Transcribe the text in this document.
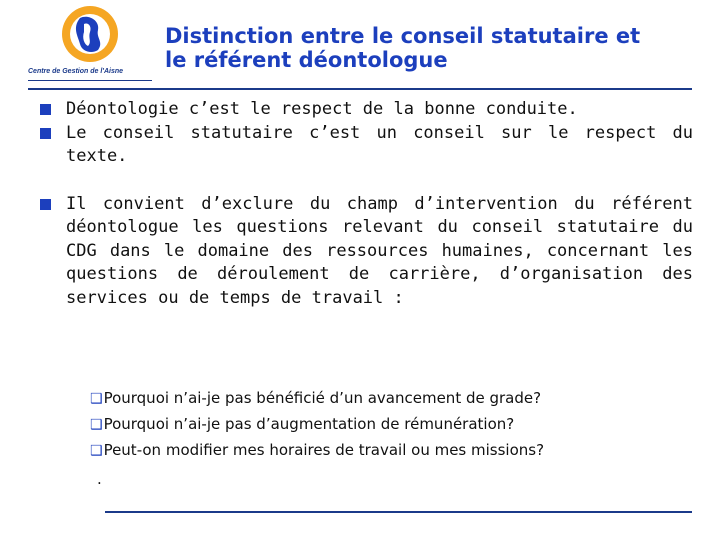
Centre de Gestion de l'Aisne
Distinction entre le conseil statutaire et
le référent déontologue
Déontologie c’est le respect de la bonne conduite.
Le conseil statutaire c’est un conseil sur le respect du texte.
Il convient d’exclure du champ d’intervention du référent déontologue les questions relevant du conseil statutaire du CDG dans le domaine des ressources humaines, concernant les questions de déroulement de carrière, d’organisation des services ou de temps de travail :
❑Pourquoi n’ai-je pas bénéficié d’un avancement de grade?
❑Pourquoi n’ai-je pas d’augmentation de rémunération?
❑Peut-on modifier mes horaires de travail ou mes missions?
.
